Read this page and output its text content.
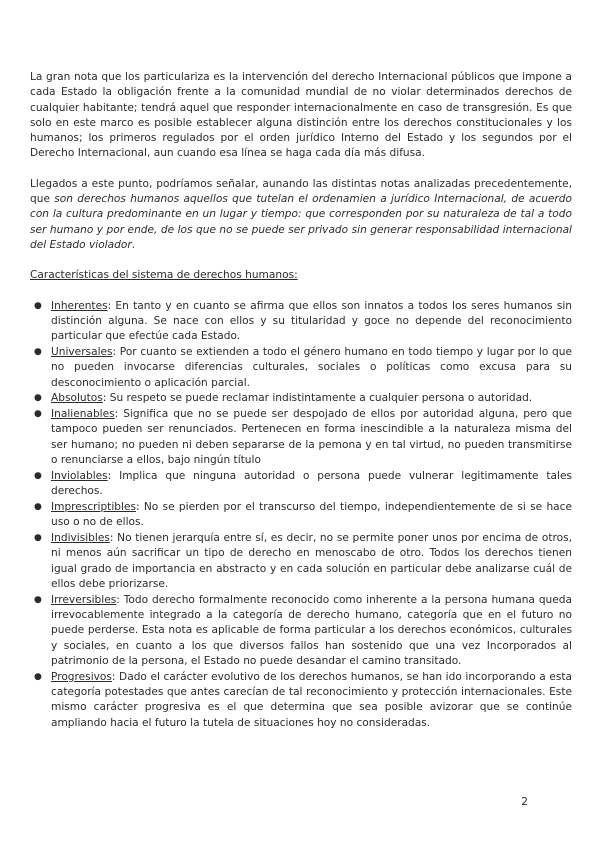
La gran nota que los particulariza es la intervención del derecho Internacional públicos que impone a cada Estado la obligación frente a la comunidad mundial de no violar determinados derechos de cualquier habitante; tendrá aquel que responder internacionalmente en caso de transgresión. Es que solo en este marco es posible establecer alguna distinción entre los derechos constitucionales y los humanos; los primeros regulados por el orden jurídico Interno del Estado y los segundos por el Derecho Internacional, aun cuando esa línea se haga cada día más difusa.

Llegados a este punto, podríamos señalar, aunando las distintas notas analizadas precedentemente, que son derechos humanos aquellos que tutelan el ordenamien a jurídico Internacional, de acuerdo con la cultura predominante en un lugar y tiempo: que corresponden por su naturaleza de tal a todo ser humano y por ende, de los que no se puede ser privado sin generar responsabilidad internacional del Estado violador.

Características del sistema de derechos humanos:

● Inherentes: En tanto y en cuanto se afirma que ellos son innatos a todos los seres humanos sin distinción alguna. Se nace con ellos y su titularidad y goce no depende del reconocimiento particular que efectúe cada Estado.
● Universales: Por cuanto se extienden a todo el género humano en todo tiempo y lugar por lo que no pueden invocarse diferencias culturales, sociales o políticas como excusa para su desconocimiento o aplicación parcial.
● Absolutos: Su respeto se puede reclamar indistintamente a cualquier persona o autoridad.
● Inalienables: Significa que no se puede ser despojado de ellos por autoridad alguna, pero que tampoco pueden ser renunciados. Pertenecen en forma inescindible a la naturaleza misma del ser humano; no pueden ni deben separarse de la pemona y en tal virtud, no pueden transmitirse o renunciarse a ellos, bajo ningún título
● Inviolables: Implica que ninguna autoridad o persona puede vulnerar legitimamente tales derechos.
● Imprescriptibles: No se pierden por el transcurso del tiempo, independientemente de si se hace uso o no de ellos.
● Indivisibles: No tienen jerarquía entre sí, es decir, no se permite poner unos por encima de otros, ni menos aún sacrificar un tipo de derecho en menoscabo de otro. Todos los derechos tienen igual grado de importancia en abstracto y en cada solución en particular debe analizarse cuál de ellos debe priorizarse.
● Irreversibles: Todo derecho formalmente reconocido como inherente a la persona humana queda irrevocablemente integrado a la categoría de derecho humano, categoría que en el futuro no puede perderse. Esta nota es aplicable de forma particular a los derechos económicos, culturales y sociales, en cuanto a los que diversos fallos han sostenido que una vez Incorporados al patrimonio de la persona, el Estado no puede desandar el camino transitado.
● Progresivos: Dado el carácter evolutivo de los derechos humanos, se han ido incorporando a esta categoría potestades que antes carecían de tal reconocimiento y protección internacionales. Este mismo carácter progresiva es el que determina que sea posible avizorar que se continúe ampliando hacia el futuro la tutela de situaciones hoy no consideradas.
2
